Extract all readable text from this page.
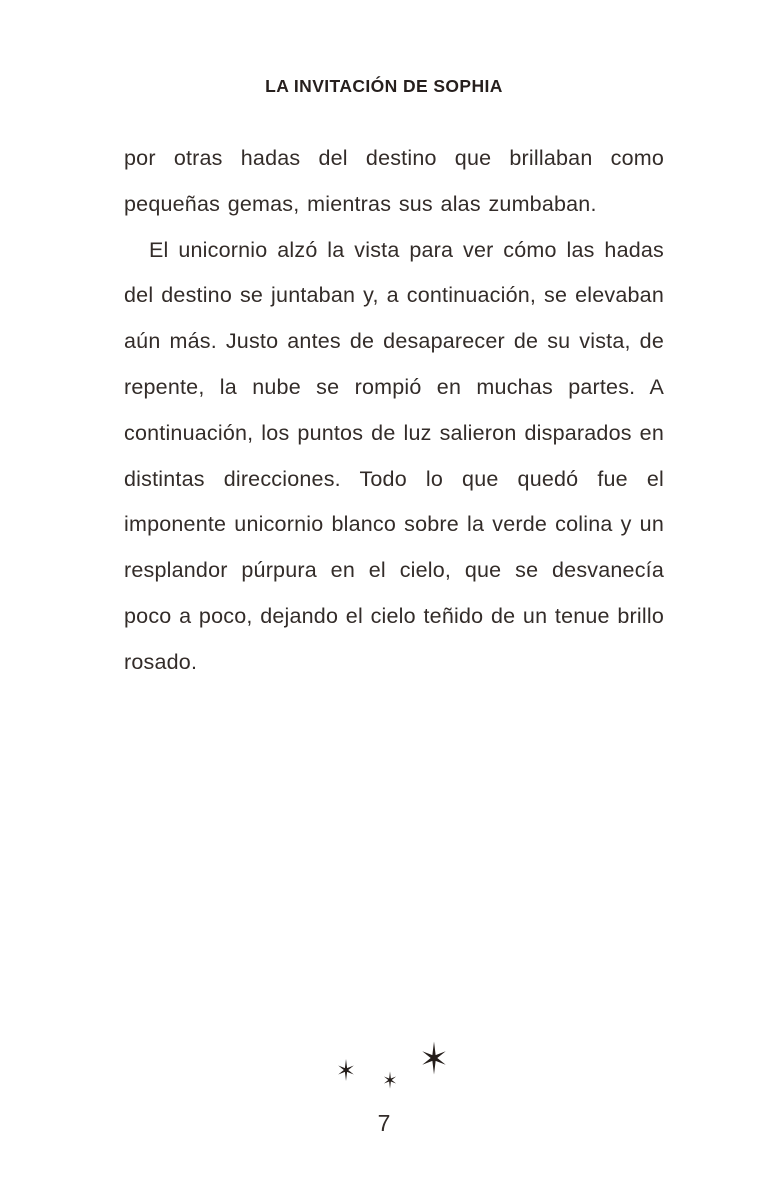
LA INVITACIÓN DE SOPHIA

por otras hadas del destino que brillaban como pequeñas gemas, mientras sus alas zumbaban.

El unicornio alzó la vista para ver cómo las hadas del destino se juntaban y, a continuación, se elevaban aún más. Justo antes de desaparecer de su vista, de repente, la nube se rompió en muchas partes. A continuación, los puntos de luz salieron disparados en distintas direcciones. Todo lo que quedó fue el imponente unicornio blanco sobre la verde colina y un resplandor púrpura en el cielo, que se desvanecía poco a poco, dejando el cielo teñido de un tenue brillo rosado.

7
